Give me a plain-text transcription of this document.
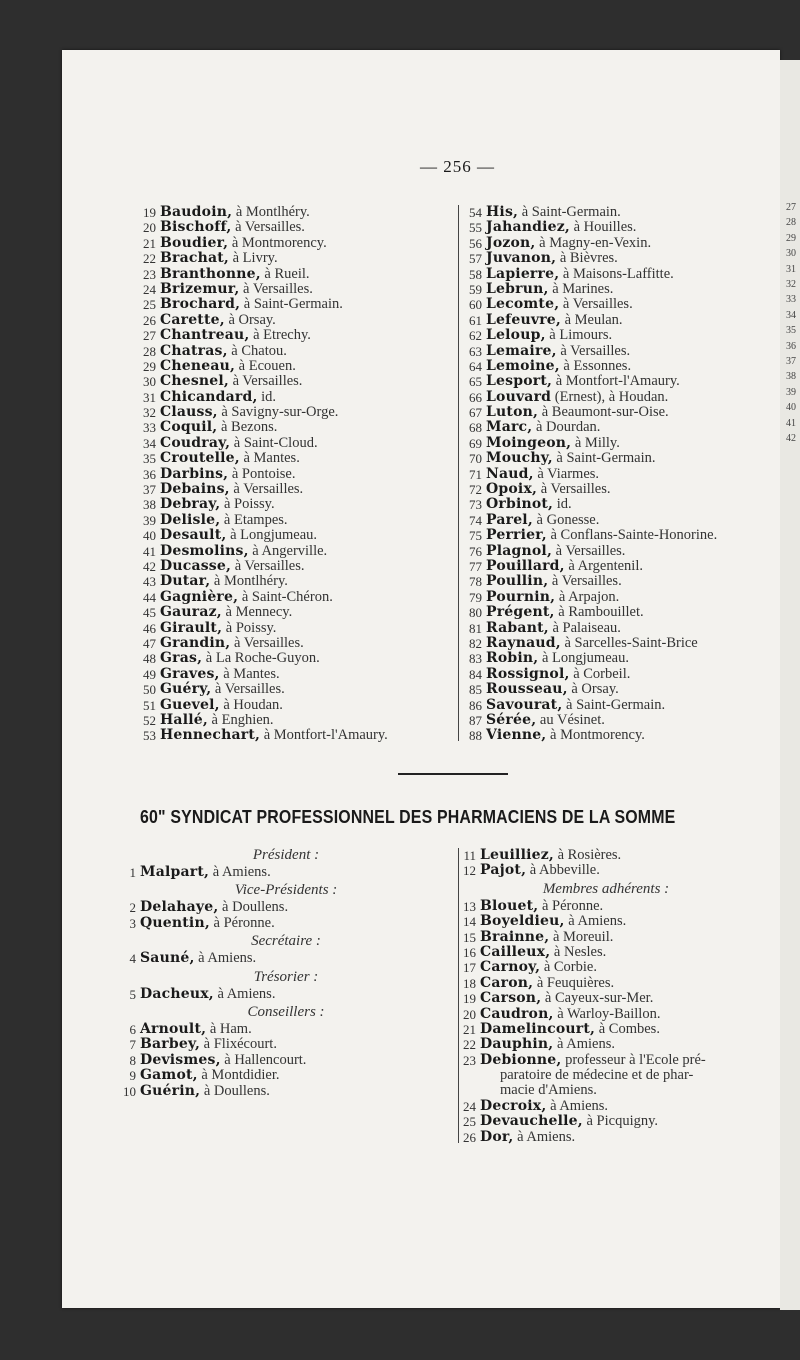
27
28
29
30
31
32
33
34
35
36
37
38
39
40
41
42
— 256 —
19 Baudoin, à Montlhéry.
20 Bischoff, à Versailles.
21 Boudier, à Montmorency.
22 Brachat, à Livry.
23 Branthonne, à Rueil.
24 Brizemur, à Versailles.
25 Brochard, à Saint-Germain.
26 Carette, à Orsay.
27 Chantreau, à Etrechy.
28 Chatras, à Chatou.
29 Cheneau, à Ecouen.
30 Chesnel, à Versailles.
31 Chicandard, id.
32 Clauss, à Savigny-sur-Orge.
33 Coquil, à Bezons.
34 Coudray, à Saint-Cloud.
35 Croutelle, à Mantes.
36 Darbins, à Pontoise.
37 Debains, à Versailles.
38 Debray, à Poissy.
39 Delisle, à Etampes.
40 Desault, à Longjumeau.
41 Desmolins, à Angerville.
42 Ducasse, à Versailles.
43 Dutar, à Montlhéry.
44 Gagnière, à Saint-Chéron.
45 Gauraz, à Mennecy.
46 Girault, à Poissy.
47 Grandin, à Versailles.
48 Gras, à La Roche-Guyon.
49 Graves, à Mantes.
50 Guéry, à Versailles.
51 Guevel, à Houdan.
52 Hallé, à Enghien.
53 Hennechart, à Montfort-l'Amaury.
54 His, à Saint-Germain.
55 Jahandiez, à Houilles.
56 Jozon, à Magny-en-Vexin.
57 Juvanon, à Bièvres.
58 Lapierre, à Maisons-Laffitte.
59 Lebrun, à Marines.
60 Lecomte, à Versailles.
61 Lefeuvre, à Meulan.
62 Leloup, à Limours.
63 Lemaire, à Versailles.
64 Lemoine, à Essonnes.
65 Lesport, à Montfort-l'Amaury.
66 Louvard (Ernest), à Houdan.
67 Luton, à Beaumont-sur-Oise.
68 Marc, à Dourdan.
69 Moingeon, à Milly.
70 Mouchy, à Saint-Germain.
71 Naud, à Viarmes.
72 Opoix, à Versailles.
73 Orbinot, id.
74 Parel, à Gonesse.
75 Perrier, à Conflans-Sainte-Honorine.
76 Plagnol, à Versailles.
77 Pouillard, à Argentenil.
78 Poullin, à Versailles.
79 Pournin, à Arpajon.
80 Prégent, à Rambouillet.
81 Rabant, à Palaiseau.
82 Raynaud, à Sarcelles-Saint-Brice
83 Robin, à Longjumeau.
84 Rossignol, à Corbeil.
85 Rousseau, à Orsay.
86 Savourat, à Saint-Germain.
87 Sérée, au Vésinet.
88 Vienne, à Montmorency.
60" SYNDICAT PROFESSIONNEL DES PHARMACIENS DE LA SOMME
Président :
1 Malpart, à Amiens.
Vice-Présidents :
2 Delahaye, à Doullens.
3 Quentin, à Péronne.
Secrétaire :
4 Sauné, à Amiens.
Trésorier :
5 Dacheux, à Amiens.
Conseillers :
6 Arnoult, à Ham.
7 Barbey, à Flixécourt.
8 Devismes, à Hallencourt.
9 Gamot, à Montdidier.
10 Guérin, à Doullens.
11 Leuilliez, à Rosières.
12 Pajot, à Abbeville.
Membres adhérents :
13 Blouet, à Péronne.
14 Boyeldieu, à Amiens.
15 Brainne, à Moreuil.
16 Cailleux, à Nesles.
17 Carnoy, à Corbie.
18 Caron, à Feuquières.
19 Carson, à Cayeux-sur-Mer.
20 Caudron, à Warloy-Baillon.
21 Damelincourt, à Combes.
22 Dauphin, à Amiens.
23 Debionne, professeur à l'Ecole pré-
paratoire de médecine et de phar-
macie d'Amiens.
24 Decroix, à Amiens.
25 Devauchelle, à Picquigny.
26 Dor, à Amiens.
